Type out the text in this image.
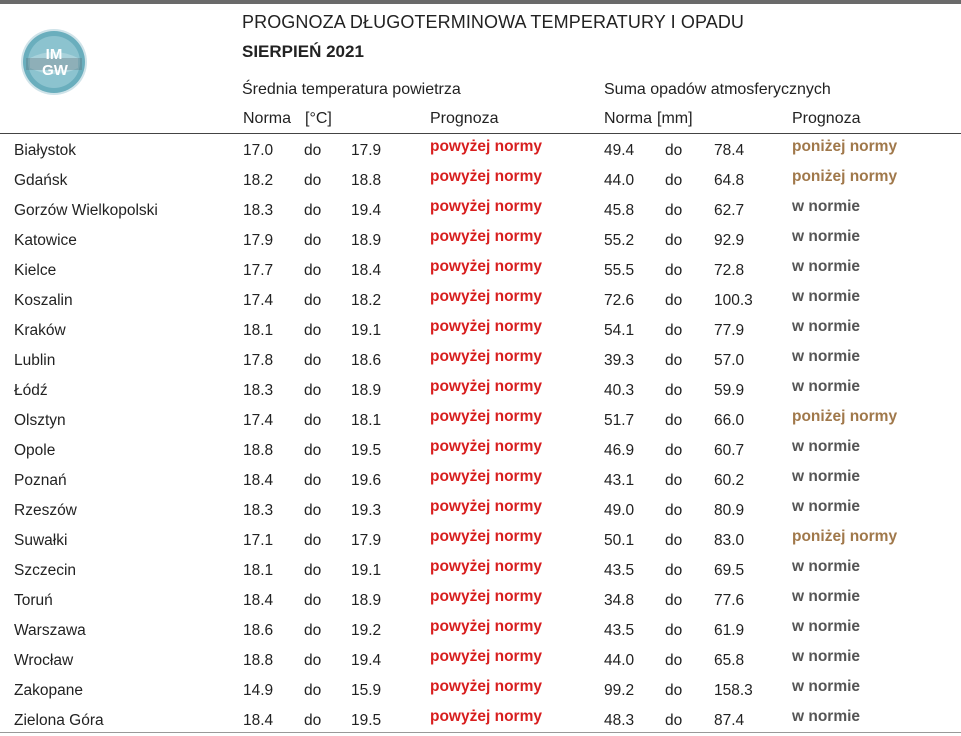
IM
GW
PROGNOZA DŁUGOTERMINOWA TEMPERATURY I OPADU
SIERPIEŃ 2021
Średnia temperatura powietrza	Suma opadów atmosferycznych
Norma [°C]	Prognoza	Norma [mm]	Prognoza
Białystok	17.0 do 17.9	powyżej normy	49.4 do 78.4	poniżej normy
Gdańsk	18.2 do 18.8	powyżej normy	44.0 do 64.8	poniżej normy
Gorzów Wielkopolski	18.3 do 19.4	powyżej normy	45.8 do 62.7	w normie
Katowice	17.9 do 18.9	powyżej normy	55.2 do 92.9	w normie
Kielce	17.7 do 18.4	powyżej normy	55.5 do 72.8	w normie
Koszalin	17.4 do 18.2	powyżej normy	72.6 do 100.3	w normie
Kraków	18.1 do 19.1	powyżej normy	54.1 do 77.9	w normie
Lublin	17.8 do 18.6	powyżej normy	39.3 do 57.0	w normie
Łódź	18.3 do 18.9	powyżej normy	40.3 do 59.9	w normie
Olsztyn	17.4 do 18.1	powyżej normy	51.7 do 66.0	poniżej normy
Opole	18.8 do 19.5	powyżej normy	46.9 do 60.7	w normie
Poznań	18.4 do 19.6	powyżej normy	43.1 do 60.2	w normie
Rzeszów	18.3 do 19.3	powyżej normy	49.0 do 80.9	w normie
Suwałki	17.1 do 17.9	powyżej normy	50.1 do 83.0	poniżej normy
Szczecin	18.1 do 19.1	powyżej normy	43.5 do 69.5	w normie
Toruń	18.4 do 18.9	powyżej normy	34.8 do 77.6	w normie
Warszawa	18.6 do 19.2	powyżej normy	43.5 do 61.9	w normie
Wrocław	18.8 do 19.4	powyżej normy	44.0 do 65.8	w normie
Zakopane	14.9 do 15.9	powyżej normy	99.2 do 158.3	w normie
Zielona Góra	18.4 do 19.5	powyżej normy	48.3 do 87.4	w normie
